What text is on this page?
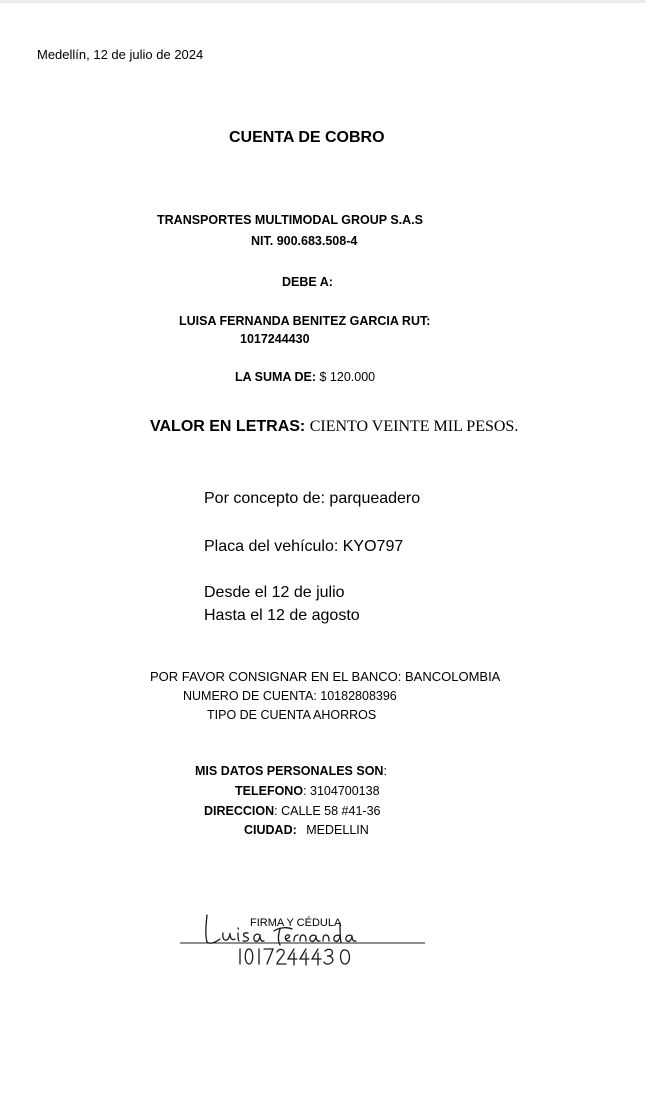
Medellín, 12 de julio de 2024
CUENTA DE COBRO
TRANSPORTES MULTIMODAL GROUP S.A.S
NIT. 900.683.508-4
DEBE A:
LUISA FERNANDA BENITEZ GARCIA RUT:
1017244430
LA SUMA DE: $ 120.000
VALOR EN LETRAS: CIENTO VEINTE MIL PESOS.
Por concepto de: parqueadero
Placa del vehículo: KYO797
Desde el 12 de julio
Hasta el 12 de agosto
POR FAVOR CONSIGNAR EN EL BANCO: BANCOLOMBIA
NUMERO DE CUENTA: 10182808396
TIPO DE CUENTA AHORROS
MIS DATOS PERSONALES SON:
TELEFONO: 3104700138
DIRECCION: CALLE 58 #41-36
CIUDAD: MEDELLIN
FIRMA Y CÉDULA
